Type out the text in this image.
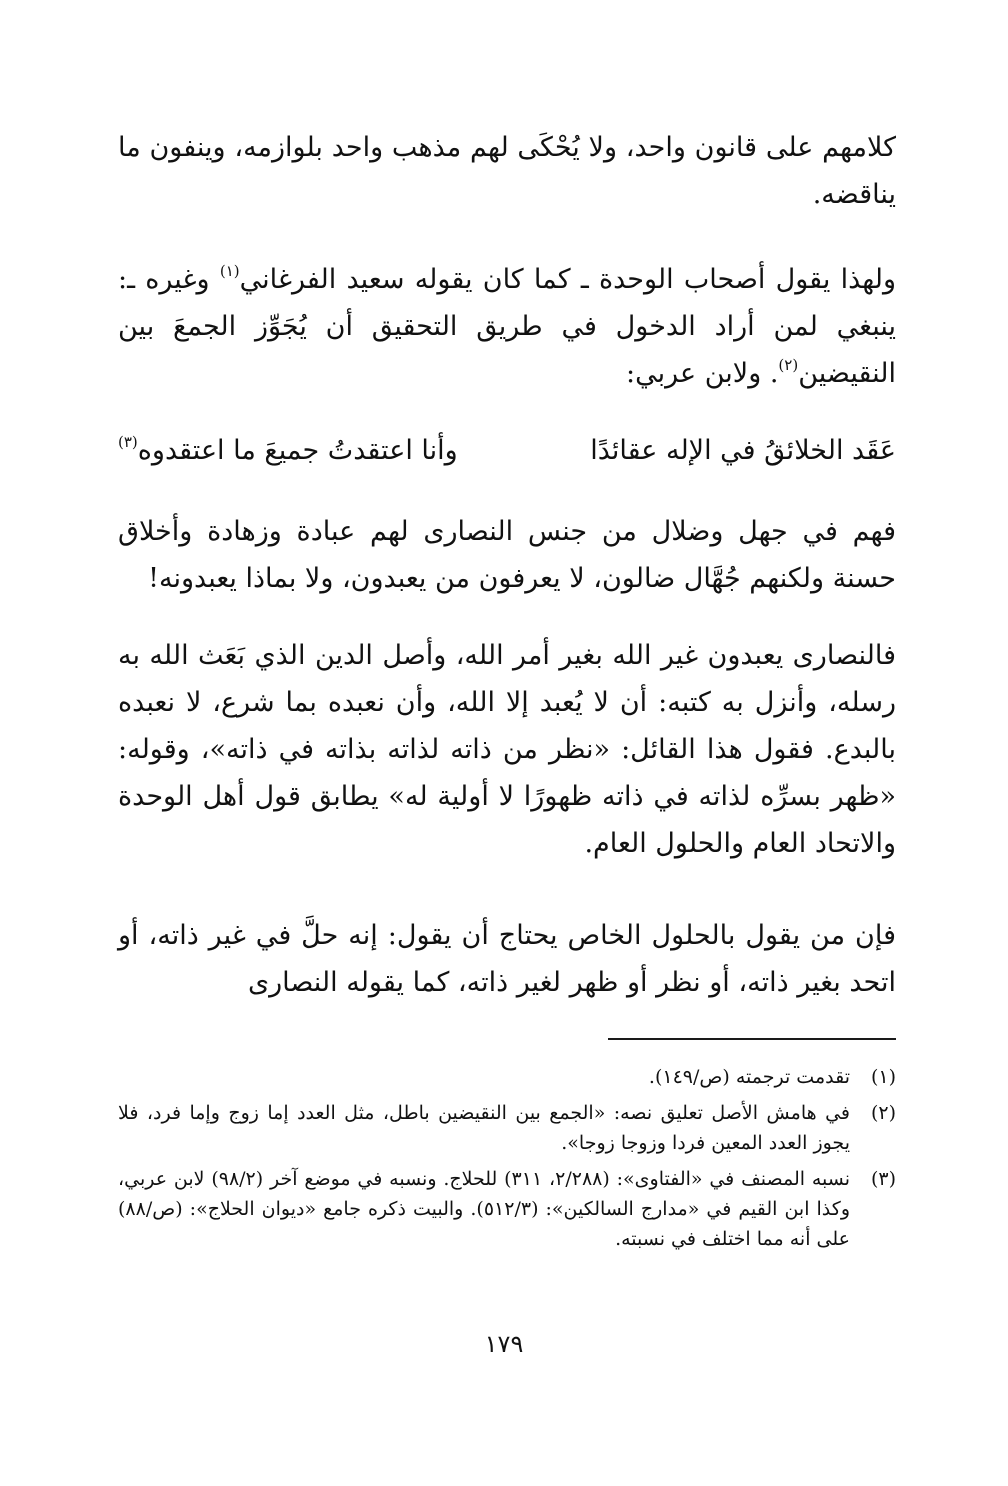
كلامهم على قانون واحد، ولا يُحْكَى لهم مذهب واحد بلوازمه، وينفون ما يناقضه.

ولهذا يقول أصحاب الوحدة ـ كما كان يقوله سعيد الفرغاني$^{(١)}$ وغيره ـ: ينبغي لمن أراد الدخول في طريق التحقيق أن يُجَوِّز الجمعَ بين النقيضين$^{(٢)}$. ولابن عربي:

عَقَد الخلائقُ في الإله عقائدًا
وأنا اعتقدتُ جميعَ ما اعتقدوه$^{(٣)}$

فهم في جهل وضلال من جنس النصارى لهم عبادة وزهادة وأخلاق حسنة ولكنهم جُهَّال ضالون، لا يعرفون من يعبدون، ولا بماذا يعبدونه!

فالنصارى يعبدون غير الله بغير أمر الله، وأصل الدين الذي بَعَث الله به رسله، وأنزل به كتبه: أن لا يُعبد إلا الله، وأن نعبده بما شرع، لا نعبده بالبدع. فقول هذا القائل: «نظر من ذاته لذاته بذاته في ذاته»، وقوله: «ظهر بسرِّه لذاته في ذاته ظهورًا لا أولية له» يطابق قول أهل الوحدة والاتحاد العام والحلول العام.

فإن من يقول بالحلول الخاص يحتاج أن يقول: إنه حلَّ في غير ذاته، أو اتحد بغير ذاته، أو نظر أو ظهر لغير ذاته، كما يقوله النصارى

(١)
تقدمت ترجمته (ص/١٤٩).
(٢)
في هامش الأصل تعليق نصه: «الجمع بين النقيضين باطل، مثل العدد إما زوج وإما فرد، فلا يجوز العدد المعين فردا وزوجا زوجا».
(٣)
نسبه المصنف في «الفتاوى»: (٢/٢٨٨، ٣١١) للحلاج. ونسبه في موضع آخر (٩٨/٢) لابن عربي، وكذا ابن القيم في «مدارج السالكين»: (٥١٢/٣). والبيت ذكره جامع «ديوان الحلاج»: (ص/٨٨) على أنه مما اختلف في نسبته.
١٧٩
